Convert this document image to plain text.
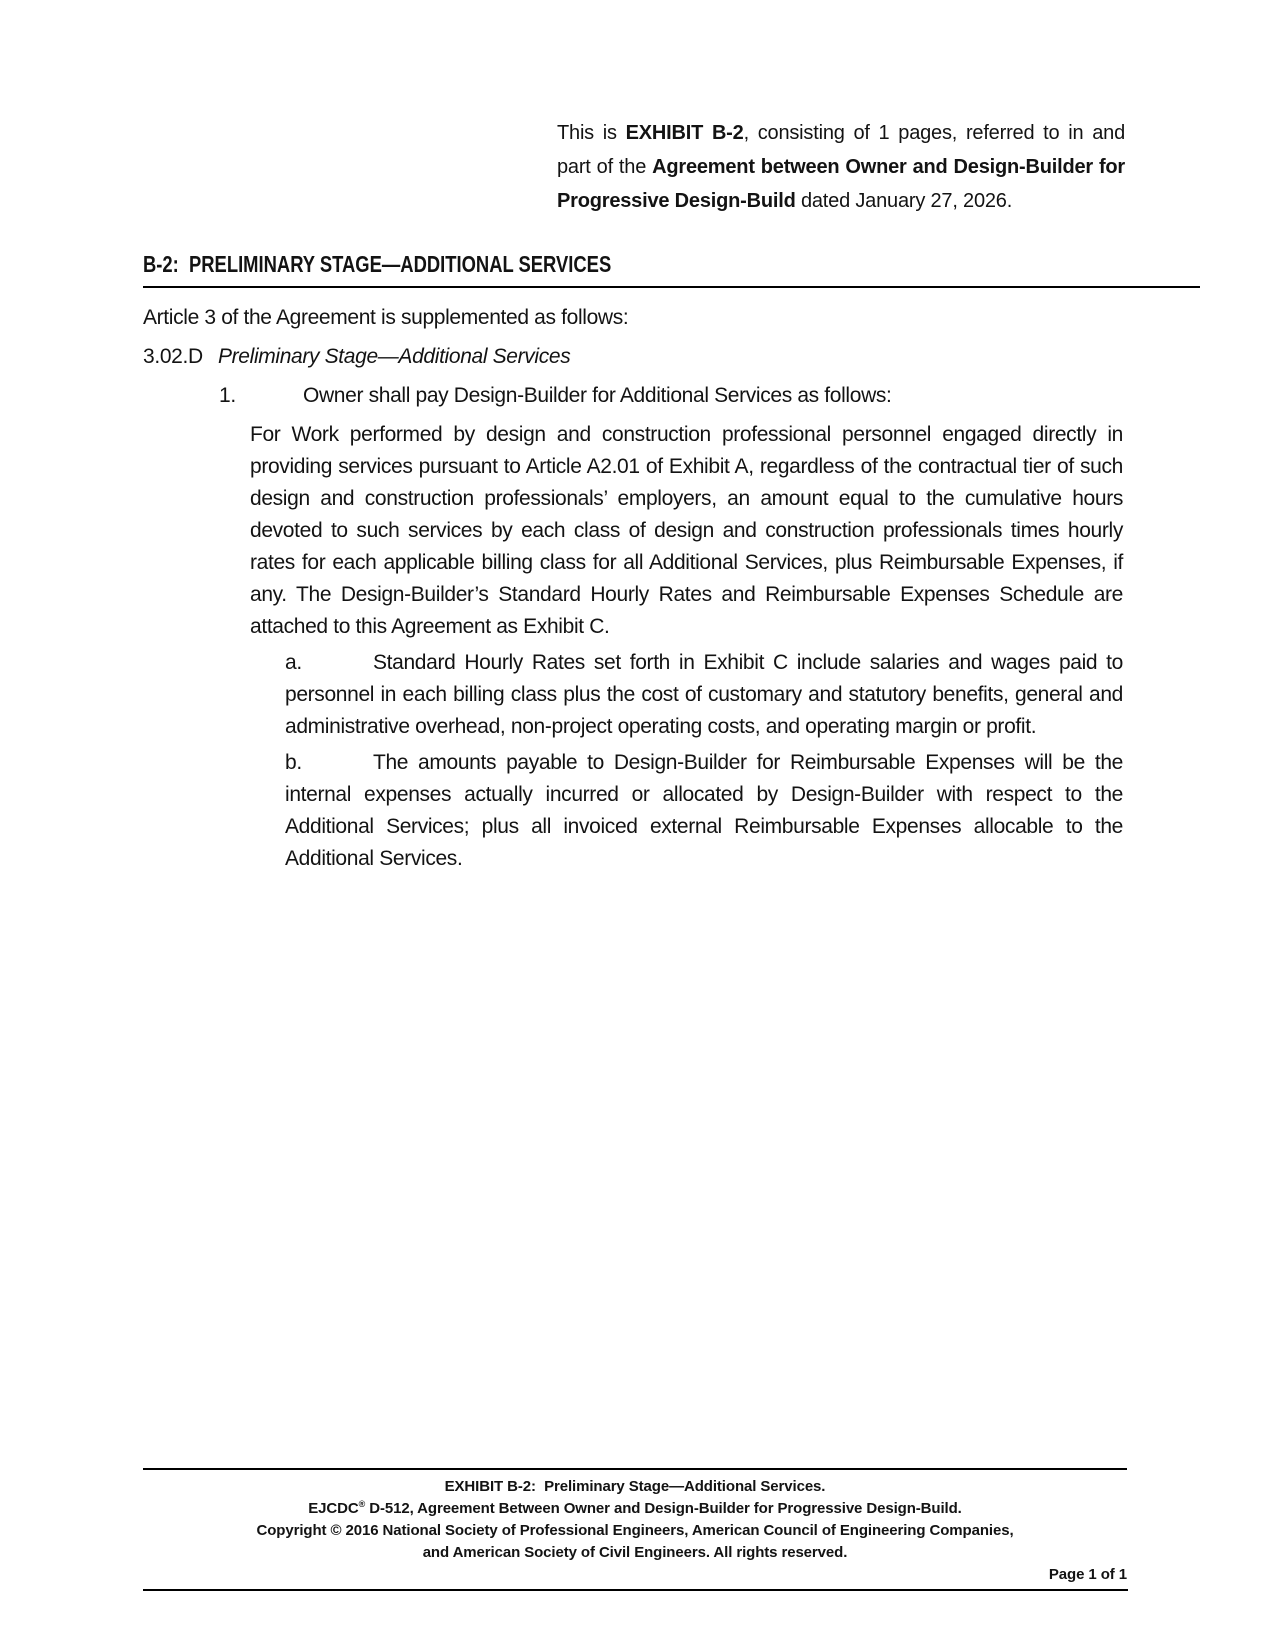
This is EXHIBIT B-2, consisting of 1 pages, referred to in and part of the Agreement between Owner and Design-Builder for Progressive Design-Build dated January 27, 2026.
B-2:  PRELIMINARY STAGE—ADDITIONAL SERVICES
Article 3 of the Agreement is supplemented as follows:
3.02.D Preliminary Stage—Additional Services
1.	Owner shall pay Design-Builder for Additional Services as follows:
For Work performed by design and construction professional personnel engaged directly in providing services pursuant to Article A2.01 of Exhibit A, regardless of the contractual tier of such design and construction professionals’ employers, an amount equal to the cumulative hours devoted to such services by each class of design and construction professionals times hourly rates for each applicable billing class for all Additional Services, plus Reimbursable Expenses, if any. The Design-Builder’s Standard Hourly Rates and Reimbursable Expenses Schedule are attached to this Agreement as Exhibit C.
a.	Standard Hourly Rates set forth in Exhibit C include salaries and wages paid to personnel in each billing class plus the cost of customary and statutory benefits, general and administrative overhead, non-project operating costs, and operating margin or profit.
b.	The amounts payable to Design-Builder for Reimbursable Expenses will be the internal expenses actually incurred or allocated by Design-Builder with respect to the Additional Services; plus all invoiced external Reimbursable Expenses allocable to the Additional Services.
EXHIBIT B-2:  Preliminary Stage—Additional Services.
EJCDC® D-512, Agreement Between Owner and Design-Builder for Progressive Design-Build.
Copyright © 2016 National Society of Professional Engineers, American Council of Engineering Companies,
and American Society of Civil Engineers. All rights reserved.
Page 1 of 1
